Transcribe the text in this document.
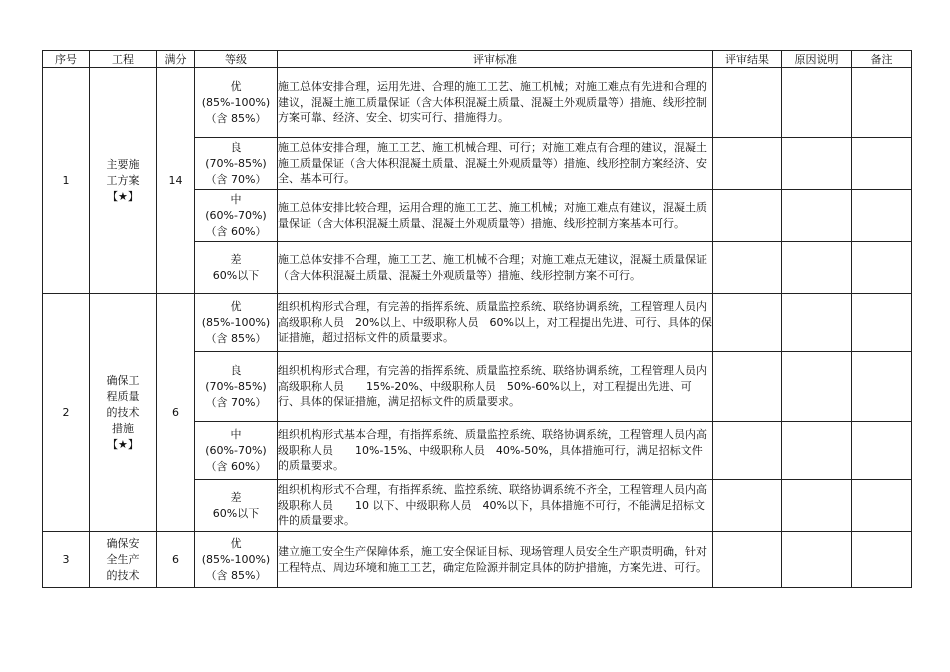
序号	工程	满分	等级	评审标准	评审结果	原因说明	备注
1	主要施
工方案
【★】	14	优
(85%-100%)
（含 85%）	施工总体安排合理，运用先进、合理的施工工艺、施工机械；对施工难点有先进和合理的建议，混凝土施工质量保证（含大体积混凝土质量、混凝土外观质量等）措施、线形控制方案可靠、经济、安全、切实可行、措施得力。			

			良
(70%-85%)
（含 70%）	施工总体安排合理，施工工艺、施工机械合理、可行；对施工难点有合理的建议，混凝土施工质量保证（含大体积混凝土质量、混凝土外观质量等）措施、线形控制方案经济、安全、基本可行。			

			中
(60%-70%)
（含 60%）	施工总体安排比较合理，运用合理的施工工艺、施工机械；对施工难点有建议，混凝土质量保证（含大体积混凝土质量、混凝土外观质量等）措施、线形控制方案基本可行。			

			差
60%以下	施工总体安排不合理，施工工艺、施工机械不合理；对施工难点无建议，混凝土质量保证（含大体积混凝土质量、混凝土外观质量等）措施、线形控制方案不可行。			
2	确保工
程质量
的技术
措施
【★】	6	优
(85%-100%)
（含 85%）	组织机构形式合理，有完善的指挥系统、质量监控系统、联络协调系统，工程管理人员内高级职称人员　20%以上、中级职称人员　60%以上，对工程提出先进、可行、具体的保证措施，超过招标文件的质量要求。			

			良
(70%-85%)
（含 70%）	组织机构形式合理，有完善的指挥系统、质量监控系统、联络协调系统，工程管理人员内高级职称人员　　15%-20%、中级职称人员　50%-60%以上，对工程提出先进、可行、具体的保证措施，满足招标文件的质量要求。			

			中
(60%-70%)
（含 60%）	组织机构形式基本合理，有指挥系统、质量监控系统、联络协调系统，工程管理人员内高级职称人员　　10%-15%、中级职称人员　40%-50%，具体措施可行，满足招标文件的质量要求。			

			差
60%以下	组织机构形式不合理，有指挥系统、监控系统、联络协调系统不齐全，工程管理人员内高级职称人员　　10 以下、中级职称人员　40%以下，具体措施不可行，不能满足招标文件的质量要求。			
3	确保安
全生产
的技术	6	优
(85%-100%)
（含 85%）	建立施工安全生产保障体系，施工安全保证目标、现场管理人员安全生产职责明确，针对工程特点、周边环境和施工工艺，确定危险源并制定具体的防护措施，方案先进、可行。			
